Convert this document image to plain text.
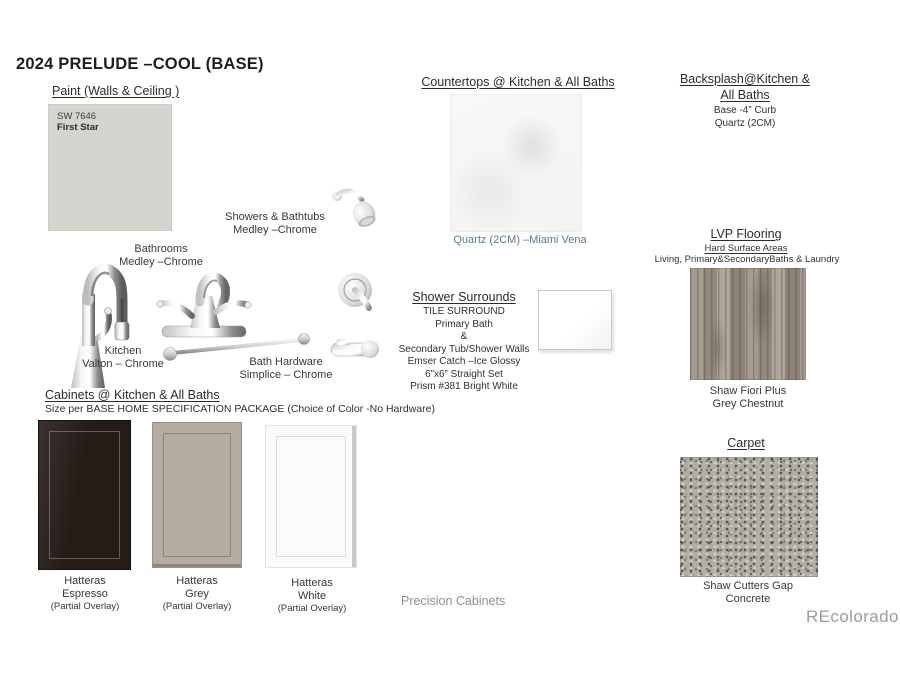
2024 PRELUDE –COOL (BASE)
Paint (Walls & Ceiling )
SW 7646
First Star
Kitchen
Valton – Chrome
Bathrooms
Medley –Chrome
Showers & Bathtubs
Medley –Chrome
Bath Hardware
Simplice – Chrome
Cabinets @ Kitchen & All Baths
Size per BASE HOME SPECIFICATION PACKAGE (Choice of Color -No Hardware)
Hatteras
Espresso
(Partial Overlay)
Hatteras
Grey
(Partial Overlay)
Hatteras
White
(Partial Overlay)
Precision Cabinets
Countertops @ Kitchen & All Baths
Quartz (2CM) –Miami Vena
Backsplash@Kitchen &
All Baths
Base -4” Curb
Quartz (2CM)
Shower Surrounds
TILE SURROUND
Primary Bath
&
Secondary Tub/Shower Walls
Emser Catch –Ice Glossy
6”x6” Straight Set
Prism #381 Bright White
LVP Flooring
Hard Surface Areas
Living, Primary&SecondaryBaths & Laundry
Shaw Fiori Plus
Grey Chestnut
Carpet
Shaw Cutters Gap
Concrete
REcolorado
